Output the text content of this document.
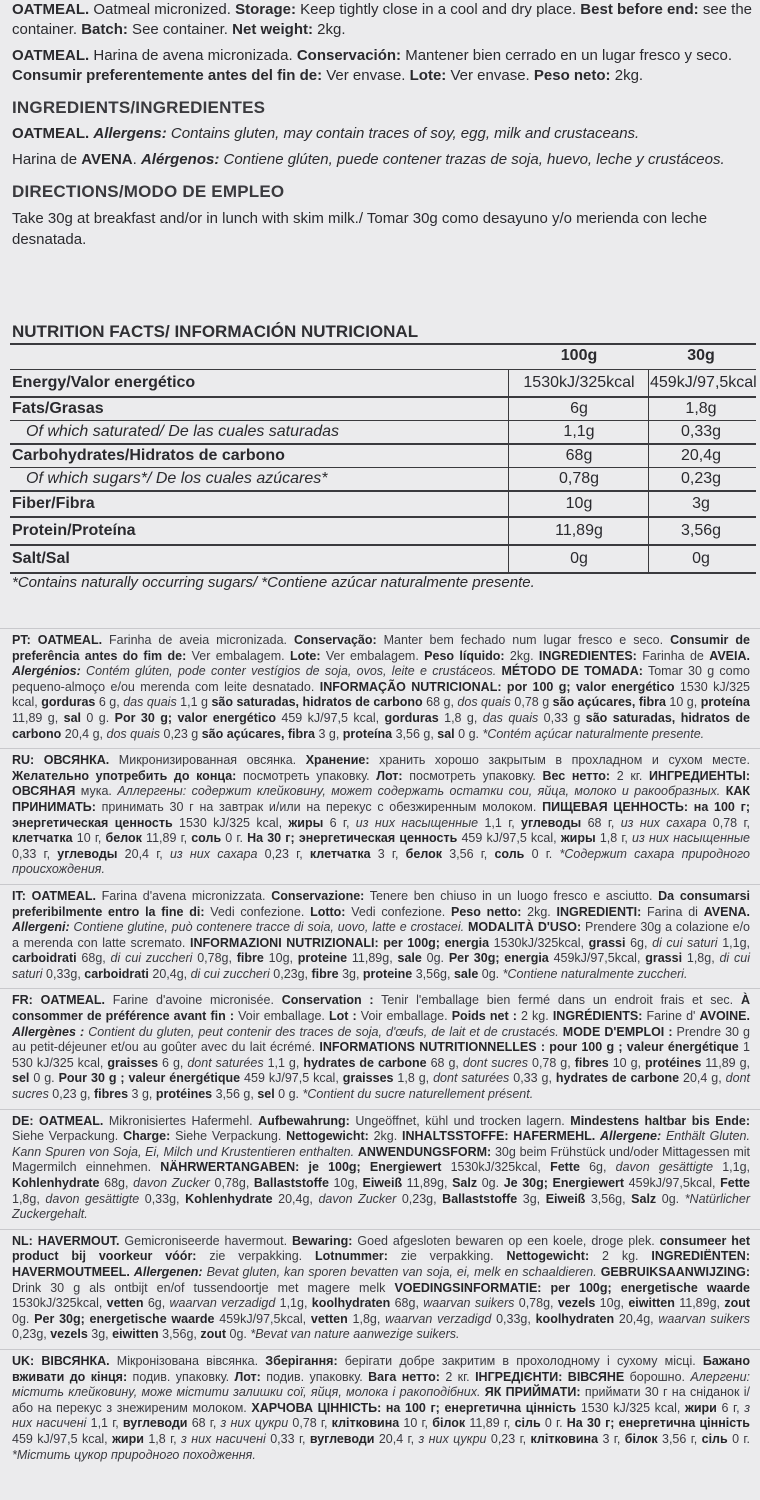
OATMEAL. Oatmeal micronized. Storage: Keep tightly close in a cool and dry place. Best before end: see the container. Batch: See container. Net weight: 2kg.

OATMEAL. Harina de avena micronizada. Conservación: Mantener bien cerrado en un lugar fresco y seco. Consumir preferentemente antes del fin de: Ver envase. Lote: Ver envase. Peso neto: 2kg.

INGREDIENTS/INGREDIENTES

OATMEAL. Allergens: Contains gluten, may contain traces of soy, egg, milk and crustaceans.

Harina de AVENA. Alérgenos: Contiene glúten, puede contener trazas de soja, huevo, leche y crustáceos.

DIRECTIONS/MODO DE EMPLEO

Take 30g at breakfast and/or in lunch with skim milk./ Tomar 30g como desayuno y/o merienda con leche desnatada.

NUTRITION FACTS/ INFORMACIÓN NUTRICIONAL
100g	30g
Energy/Valor energético	1530kJ/325kcal 459kJ/97,5kcal
Fats/Grasas	6g	1,8g
Of which saturated/ De las cuales saturadas	1,1g	0,33g
Carbohydrates/Hidratos de carbono	68g	20,4g
Of which sugars*/ De los cuales azúcares*	0,78g	0,23g
Fiber/Fibra	10g	3g
Protein/Proteína	11,89g	3,56g
Salt/Sal	0g	0g
*Contains naturally occurring sugars/ *Contiene azúcar naturalmente presente.
PT: OATMEAL. Farinha de aveia micronizada. Conservação: Manter bem fechado num lugar fresco e seco. Consumir de preferência antes do fim de: Ver embalagem. Lote: Ver embalagem. Peso líquido: 2kg. INGREDIENTES: Farinha de AVEIA. Alergénios: Contém glúten, pode conter vestígios de soja, ovos, leite e crustáceos. MÉTODO DE TOMADA: Tomar 30 g como pequeno-almoço e/ou merenda com leite desnatado. INFORMAÇÃO NUTRICIONAL: por 100 g; valor energético 1530 kJ/325 kcal, gorduras 6 g, das quais 1,1 g são saturadas, hidratos de carbono 68 g, dos quais 0,78 g são açúcares, fibra 10 g, proteína 11,89 g, sal 0 g. Por 30 g; valor energético 459 kJ/97,5 kcal, gorduras 1,8 g, das quais 0,33 g são saturadas, hidratos de carbono 20,4 g, dos quais 0,23 g são açúcares, fibra 3 g, proteína 3,56 g, sal 0 g. *Contém açúcar naturalmente presente.
RU: ОВСЯНКА. Микронизированная овсянка. Хранение: хранить хорошо закрытым в прохладном и сухом месте. Желательно употребить до конца: посмотреть упаковку. Лот: посмотреть упаковку. Вес нетто: 2 кг. ИНГРЕДИЕНТЫ: ОВСЯНАЯ мука. Аллергены: содержит клейковину, может содержать остатки сои, яйца, молоко и ракообразных. КАК ПРИНИМАТЬ: принимать 30 г на завтрак и/или на перекус с обезжиренным молоком. ПИЩЕВАЯ ЦЕННОСТЬ: на 100 г; энергетическая ценность 1530 kJ/325 kcal, жиры 6 г, из них насыщенные 1,1 г, углеводы 68 г, из них сахара 0,78 г, клетчатка 10 г, белок 11,89 г, соль 0 г. На 30 г; энергетическая ценность 459 kJ/97,5 kcal, жиры 1,8 г, из них насыщенные 0,33 г, углеводы 20,4 г, из них сахара 0,23 г, клетчатка 3 г, белок 3,56 г, соль 0 г. *Содержит сахара природного происхождения.
IT: OATMEAL. Farina d'avena micronizzata. Conservazione: Tenere ben chiuso in un luogo fresco e asciutto. Da consumarsi preferibilmente entro la fine di: Vedi confezione. Lotto: Vedi confezione. Peso netto: 2kg. INGREDIENTI: Farina di AVENA. Allergeni: Contiene glutine, può contenere tracce di soia, uovo, latte e crostacei. MODALITÀ D'USO: Prendere 30g a colazione e/o a merenda con latte scremato. INFORMAZIONI NUTRIZIONALI: per 100g; energia 1530kJ/325kcal, grassi 6g, di cui saturi 1,1g, carboidrati 68g, di cui zuccheri 0,78g, fibre 10g, proteine 11,89g, sale 0g. Per 30g; energia 459kJ/97,5kcal, grassi 1,8g, di cui saturi 0,33g, carboidrati 20,4g, di cui zuccheri 0,23g, fibre 3g, proteine 3,56g, sale 0g. *Contiene naturalmente zuccheri.
FR: OATMEAL. Farine d'avoine micronisée. Conservation : Tenir l'emballage bien fermé dans un endroit frais et sec. À consommer de préférence avant fin : Voir emballage. Lot : Voir emballage. Poids net : 2 kg. INGRÉDIENTS: Farine d' AVOINE. Allergènes : Contient du gluten, peut contenir des traces de soja, d'œufs, de lait et de crustacés. MODE D'EMPLOI : Prendre 30 g au petit-déjeuner et/ou au goûter avec du lait écrémé. INFORMATIONS NUTRITIONNELLES : pour 100 g ; valeur énergétique 1 530 kJ/325 kcal, graisses 6 g, dont saturées 1,1 g, hydrates de carbone 68 g, dont sucres 0,78 g, fibres 10 g, protéines 11,89 g, sel 0 g. Pour 30 g ; valeur énergétique 459 kJ/97,5 kcal, graisses 1,8 g, dont saturées 0,33 g, hydrates de carbone 20,4 g, dont sucres 0,23 g, fibres 3 g, protéines 3,56 g, sel 0 g. *Contient du sucre naturellement présent.
DE: OATMEAL. Mikronisiertes Hafermehl. Aufbewahrung: Ungeöffnet, kühl und trocken lagern. Mindestens haltbar bis Ende: Siehe Verpackung. Charge: Siehe Verpackung. Nettogewicht: 2kg. INHALTSSTOFFE: HAFERMEHL. Allergene: Enthält Gluten. Kann Spuren von Soja, Ei, Milch und Krustentieren enthalten. ANWENDUNGSFORM: 30g beim Frühstück und/oder Mittagessen mit Magermilch einnehmen. NÄHRWERTANGABEN: je 100g; Energiewert 1530kJ/325kcal, Fette 6g, davon gesättigte 1,1g, Kohlenhydrate 68g, davon Zucker 0,78g, Ballaststoffe 10g, Eiweiß 11,89g, Salz 0g. Je 30g; Energiewert 459kJ/97,5kcal, Fette 1,8g, davon gesättigte 0,33g, Kohlenhydrate 20,4g, davon Zucker 0,23g, Ballaststoffe 3g, Eiweiß 3,56g, Salz 0g. *Natürlicher Zuckergehalt.
NL: HAVERMOUT. Gemicroniseerde havermout. Bewaring: Goed afgesloten bewaren op een koele, droge plek. consumeer het product bij voorkeur vóór: zie verpakking. Lotnummer: zie verpakking. Nettogewicht: 2 kg. INGREDIËNTEN: HAVERMOUTMEEL. Allergenen: Bevat gluten, kan sporen bevatten van soja, ei, melk en schaaldieren. GEBRUIKSAANWIJZING: Drink 30 g als ontbijt en/of tussendoortje met magere melk VOEDINGSINFORMATIE: per 100g; energetische waarde 1530kJ/325kcal, vetten 6g, waarvan verzadigd 1,1g, koolhydraten 68g, waarvan suikers 0,78g, vezels 10g, eiwitten 11,89g, zout 0g. Per 30g; energetische waarde 459kJ/97,5kcal, vetten 1,8g, waarvan verzadigd 0,33g, koolhydraten 20,4g, waarvan suikers 0,23g, vezels 3g, eiwitten 3,56g, zout 0g. *Bevat van nature aanwezige suikers.
UK: ВІВСЯНКА. Мікронізована вівсянка. Зберігання: берігати добре закритим в прохолодному і сухому місці. Бажано вживати до кінця: подив. упаковку. Лот: подив. упаковку. Вага нетто: 2 кг. ІНГРЕДІЄНТИ: ВІВСЯНЕ борошно. Алергени: містить клейковину, може містити залишки сої, яйця, молока і ракоподібних. ЯК ПРИЙМАТИ: приймати 30 г на сніданок і/або на перекус з знежиреним молоком. ХАРЧОВА ЦІННІСТЬ: на 100 г; енергетична цінність 1530 kJ/325 kcal, жири 6 г, з них насичені 1,1 г, вуглеводи 68 г, з них цукри 0,78 г, клітковина 10 г, білок 11,89 г, сіль 0 г. На 30 г; енергетична цінність 459 kJ/97,5 kcal, жири 1,8 г, з них насичені 0,33 г, вуглеводи 20,4 г, з них цукри 0,23 г, клітковина 3 г, білок 3,56 г, сіль 0 г. *Містить цукор природного походження.
